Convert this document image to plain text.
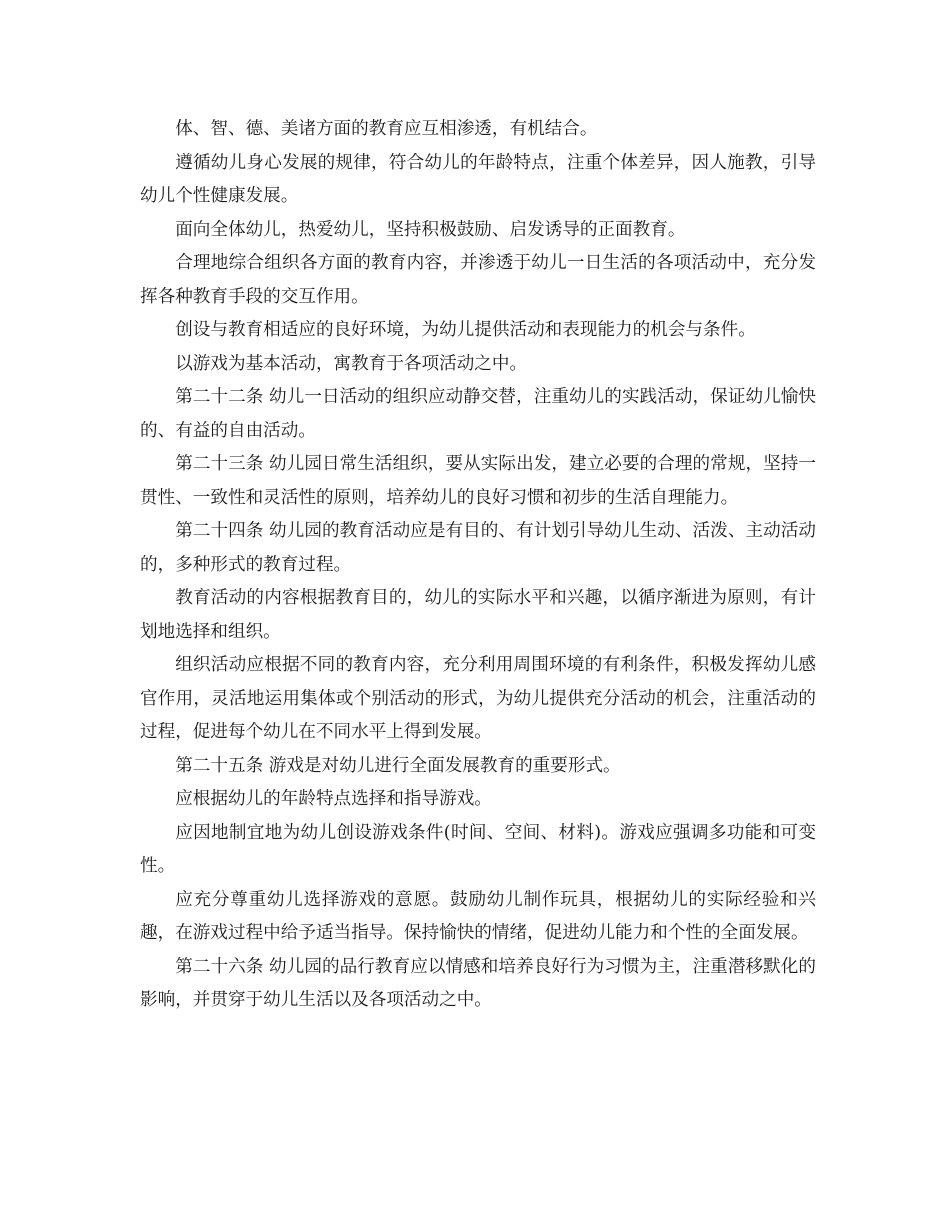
体、智、德、美诸方面的教育应互相渗透，有机结合。

遵循幼儿身心发展的规律，符合幼儿的年龄特点，注重个体差异，因人施教，引导幼儿个性健康发展。

面向全体幼儿，热爱幼儿，坚持积极鼓励、启发诱导的正面教育。

合理地综合组织各方面的教育内容，并渗透于幼儿一日生活的各项活动中，充分发挥各种教育手段的交互作用。

创设与教育相适应的良好环境，为幼儿提供活动和表现能力的机会与条件。

以游戏为基本活动，寓教育于各项活动之中。

第二十二条 幼儿一日活动的组织应动静交替，注重幼儿的实践活动，保证幼儿愉快的、有益的自由活动。

第二十三条 幼儿园日常生活组织，要从实际出发，建立必要的合理的常规，坚持一贯性、一致性和灵活性的原则，培养幼儿的良好习惯和初步的生活自理能力。

第二十四条 幼儿园的教育活动应是有目的、有计划引导幼儿生动、活泼、主动活动的，多种形式的教育过程。

教育活动的内容根据教育目的，幼儿的实际水平和兴趣，以循序渐进为原则，有计划地选择和组织。

组织活动应根据不同的教育内容，充分利用周围环境的有利条件，积极发挥幼儿感官作用，灵活地运用集体或个别活动的形式，为幼儿提供充分活动的机会，注重活动的过程，促进每个幼儿在不同水平上得到发展。

第二十五条 游戏是对幼儿进行全面发展教育的重要形式。

应根据幼儿的年龄特点选择和指导游戏。

应因地制宜地为幼儿创设游戏条件(时间、空间、材料)。游戏应强调多功能和可变性。

应充分尊重幼儿选择游戏的意愿。鼓励幼儿制作玩具，根据幼儿的实际经验和兴趣，在游戏过程中给予适当指导。保持愉快的情绪，促进幼儿能力和个性的全面发展。

第二十六条 幼儿园的品行教育应以情感和培养良好行为习惯为主，注重潜移默化的影响，并贯穿于幼儿生活以及各项活动之中。
